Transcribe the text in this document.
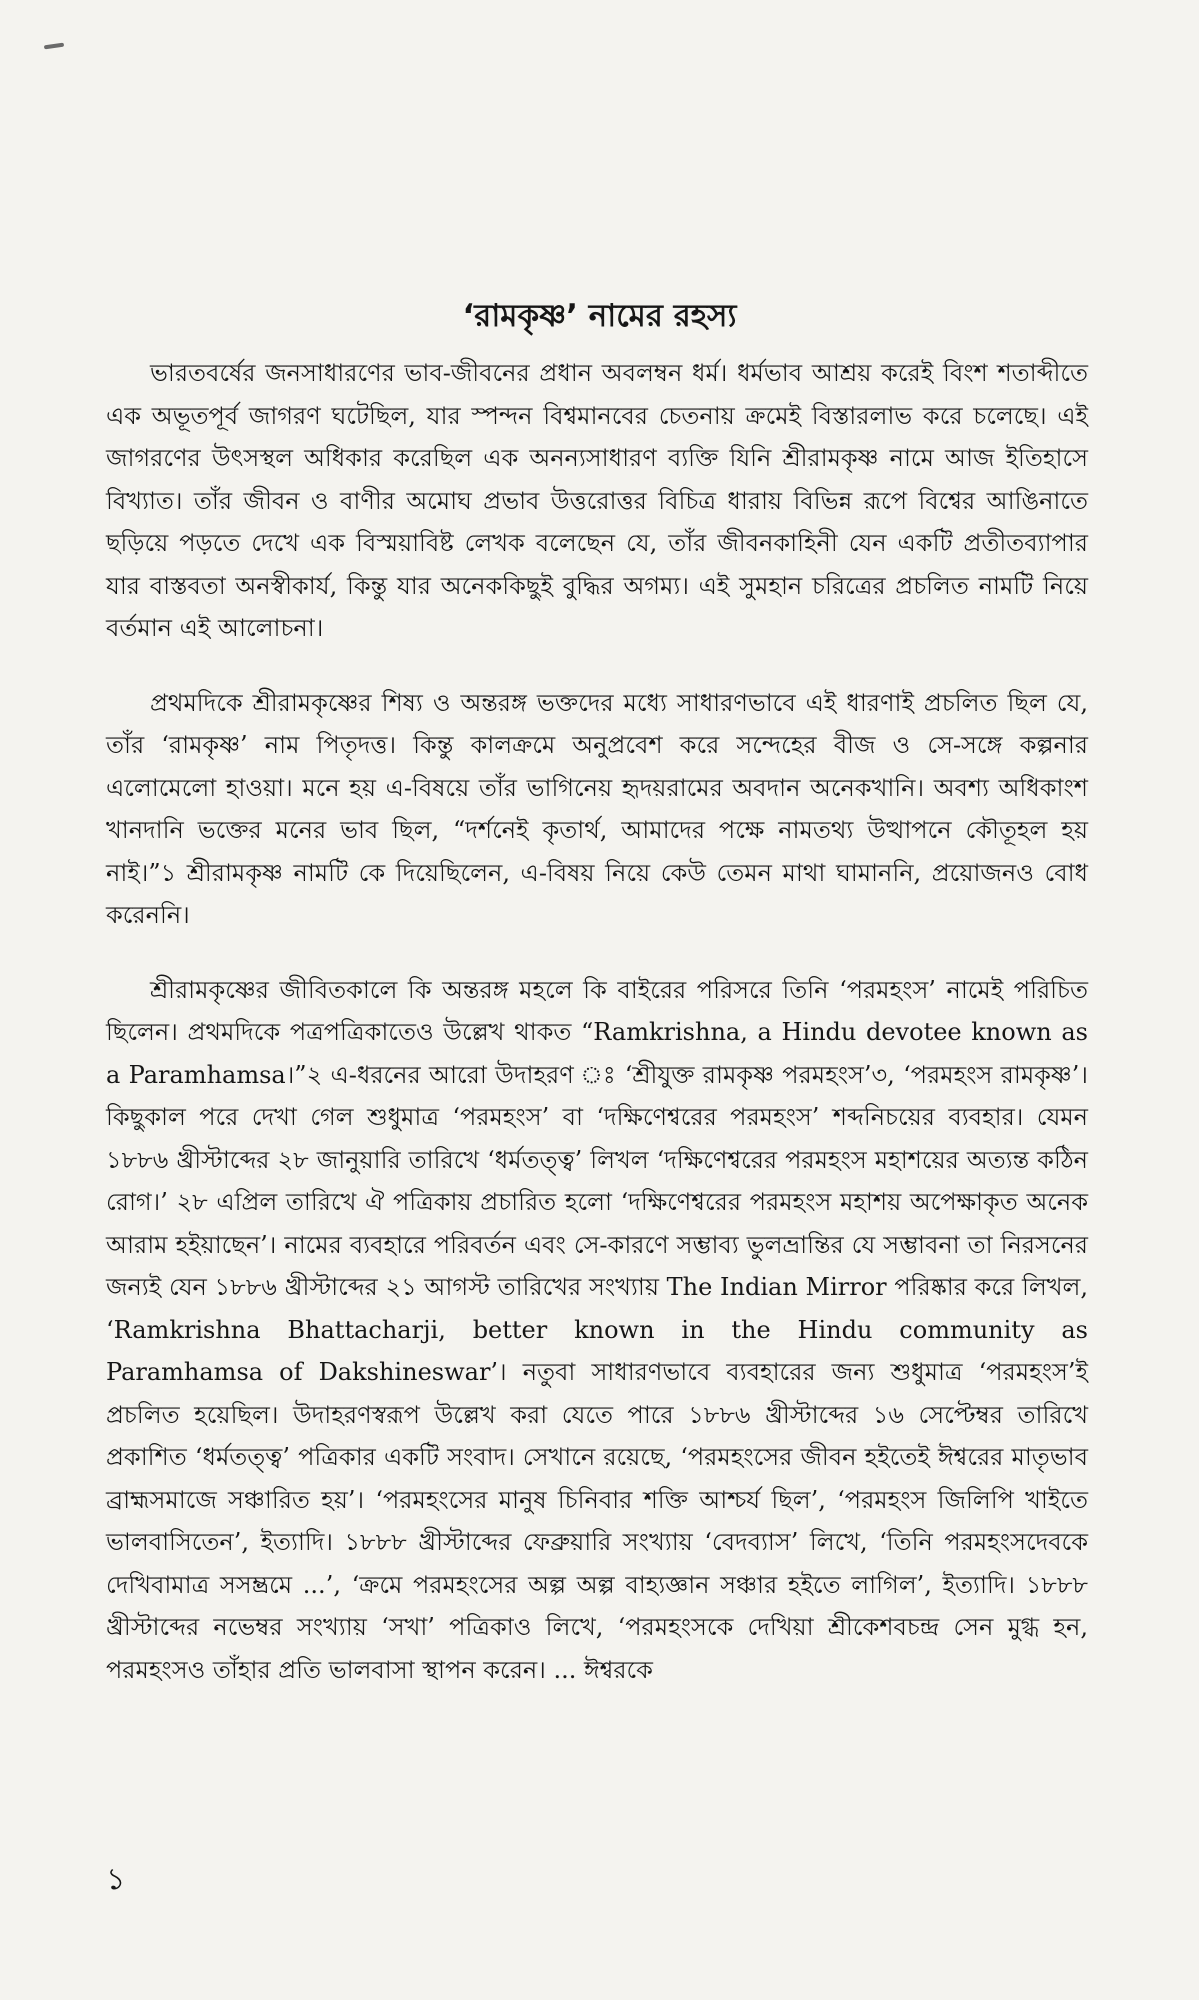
‘রামকৃষ্ণ’ নামের রহস্য

ভারতবর্ষের জনসাধারণের ভাব-জীবনের প্রধান অবলম্বন ধর্ম। ধর্মভাব আশ্রয় করেই বিংশ শতাব্দীতে এক অভূতপূর্ব জাগরণ ঘটেছিল, যার স্পন্দন বিশ্বমানবের চেতনায় ক্রমেই বিস্তারলাভ করে চলেছে। এই জাগরণের উৎসস্থল অধিকার করেছিল এক অনন্যসাধারণ ব্যক্তি যিনি শ্রীরামকৃষ্ণ নামে আজ ইতিহাসে বিখ্যাত। তাঁর জীবন ও বাণীর অমোঘ প্রভাব উত্তরোত্তর বিচিত্র ধারায় বিভিন্ন রূপে বিশ্বের আঙিনাতে ছড়িয়ে পড়তে দেখে এক বিস্ময়াবিষ্ট লেখক বলেছেন যে, তাঁর জীবনকাহিনী যেন একটি প্রতীতব্যাপার যার বাস্তবতা অনস্বীকার্য, কিন্তু যার অনেককিছুই বুদ্ধির অগম্য। এই সুমহান চরিত্রের প্রচলিত নামটি নিয়ে বর্তমান এই আলোচনা।

প্রথমদিকে শ্রীরামকৃষ্ণের শিষ্য ও অন্তরঙ্গ ভক্তদের মধ্যে সাধারণভাবে এই ধারণাই প্রচলিত ছিল যে, তাঁর ‘রামকৃষ্ণ’ নাম পিতৃদত্ত। কিন্তু কালক্রমে অনুপ্রবেশ করে সন্দেহের বীজ ও সে-সঙ্গে কল্পনার এলোমেলো হাওয়া। মনে হয় এ-বিষয়ে তাঁর ভাগিনেয় হৃদয়রামের অবদান অনেকখানি। অবশ্য অধিকাংশ খানদানি ভক্তের মনের ভাব ছিল, “দর্শনেই কৃতার্থ, আমাদের পক্ষে নামতথ্য উত্থাপনে কৌতূহল হয় নাই।”১ শ্রীরামকৃষ্ণ নামটি কে দিয়েছিলেন, এ-বিষয় নিয়ে কেউ তেমন মাথা ঘামাননি, প্রয়োজনও বোধ করেননি।

শ্রীরামকৃষ্ণের জীবিতকালে কি অন্তরঙ্গ মহলে কি বাইরের পরিসরে তিনি ‘পরমহংস’ নামেই পরিচিত ছিলেন। প্রথমদিকে পত্রপত্রিকাতেও উল্লেখ থাকত “Ramkrishna, a Hindu devotee known as a Paramhamsa।”২ এ-ধরনের আরো উদাহরণ ঃ ‘শ্রীযুক্ত রামকৃষ্ণ পরমহংস’৩, ‘পরমহংস রামকৃষ্ণ’। কিছুকাল পরে দেখা গেল শুধুমাত্র ‘পরমহংস’ বা ‘দক্ষিণেশ্বরের পরমহংস’ শব্দনিচয়ের ব্যবহার। যেমন ১৮৮৬ খ্রীস্টাব্দের ২৮ জানুয়ারি তারিখে ‘ধর্মতত্ত্ব’ লিখল ‘দক্ষিণেশ্বরের পরমহংস মহাশয়ের অত্যন্ত কঠিন রোগ।’ ২৮ এপ্রিল তারিখে ঐ পত্রিকায় প্রচারিত হলো ‘দক্ষিণেশ্বরের পরমহংস মহাশয় অপেক্ষাকৃত অনেক আরাম হইয়াছেন’। নামের ব্যবহারে পরিবর্তন এবং সে-কারণে সম্ভাব্য ভুলভ্রান্তির যে সম্ভাবনা তা নিরসনের জন্যই যেন ১৮৮৬ খ্রীস্টাব্দের ২১ আগস্ট তারিখের সংখ্যায় The Indian Mirror পরিষ্কার করে লিখল, ‘Ramkrishna Bhattacharji, better known in the Hindu community as Paramhamsa of Dakshineswar’। নতুবা সাধারণভাবে ব্যবহারের জন্য শুধুমাত্র ‘পরমহংস’ই প্রচলিত হয়েছিল। উদাহরণস্বরূপ উল্লেখ করা যেতে পারে ১৮৮৬ খ্রীস্টাব্দের ১৬ সেপ্টেম্বর তারিখে প্রকাশিত ‘ধর্মতত্ত্ব’ পত্রিকার একটি সংবাদ। সেখানে রয়েছে, ‘পরমহংসের জীবন হইতেই ঈশ্বরের মাতৃভাব ব্রাহ্মসমাজে সঞ্চারিত হয়’। ‘পরমহংসের মানুষ চিনিবার শক্তি আশ্চর্য ছিল’, ‘পরমহংস জিলিপি খাইতে ভালবাসিতেন’, ইত্যাদি। ১৮৮৮ খ্রীস্টাব্দের ফেব্রুয়ারি সংখ্যায় ‘বেদব্যাস’ লিখে, ‘তিনি পরমহংসদেবকে দেখিবামাত্র সসম্ভ্রমে ...’, ‘ক্রমে পরমহংসের অল্প অল্প বাহ্যজ্ঞান সঞ্চার হইতে লাগিল’, ইত্যাদি। ১৮৮৮ খ্রীস্টাব্দের নভেম্বর সংখ্যায় ‘সখা’ পত্রিকাও লিখে, ‘পরমহংসকে দেখিয়া শ্রীকেশবচন্দ্র সেন মুগ্ধ হন, পরমহংসও তাঁহার প্রতি ভালবাসা স্থাপন করেন। ... ঈশ্বরকে

১
